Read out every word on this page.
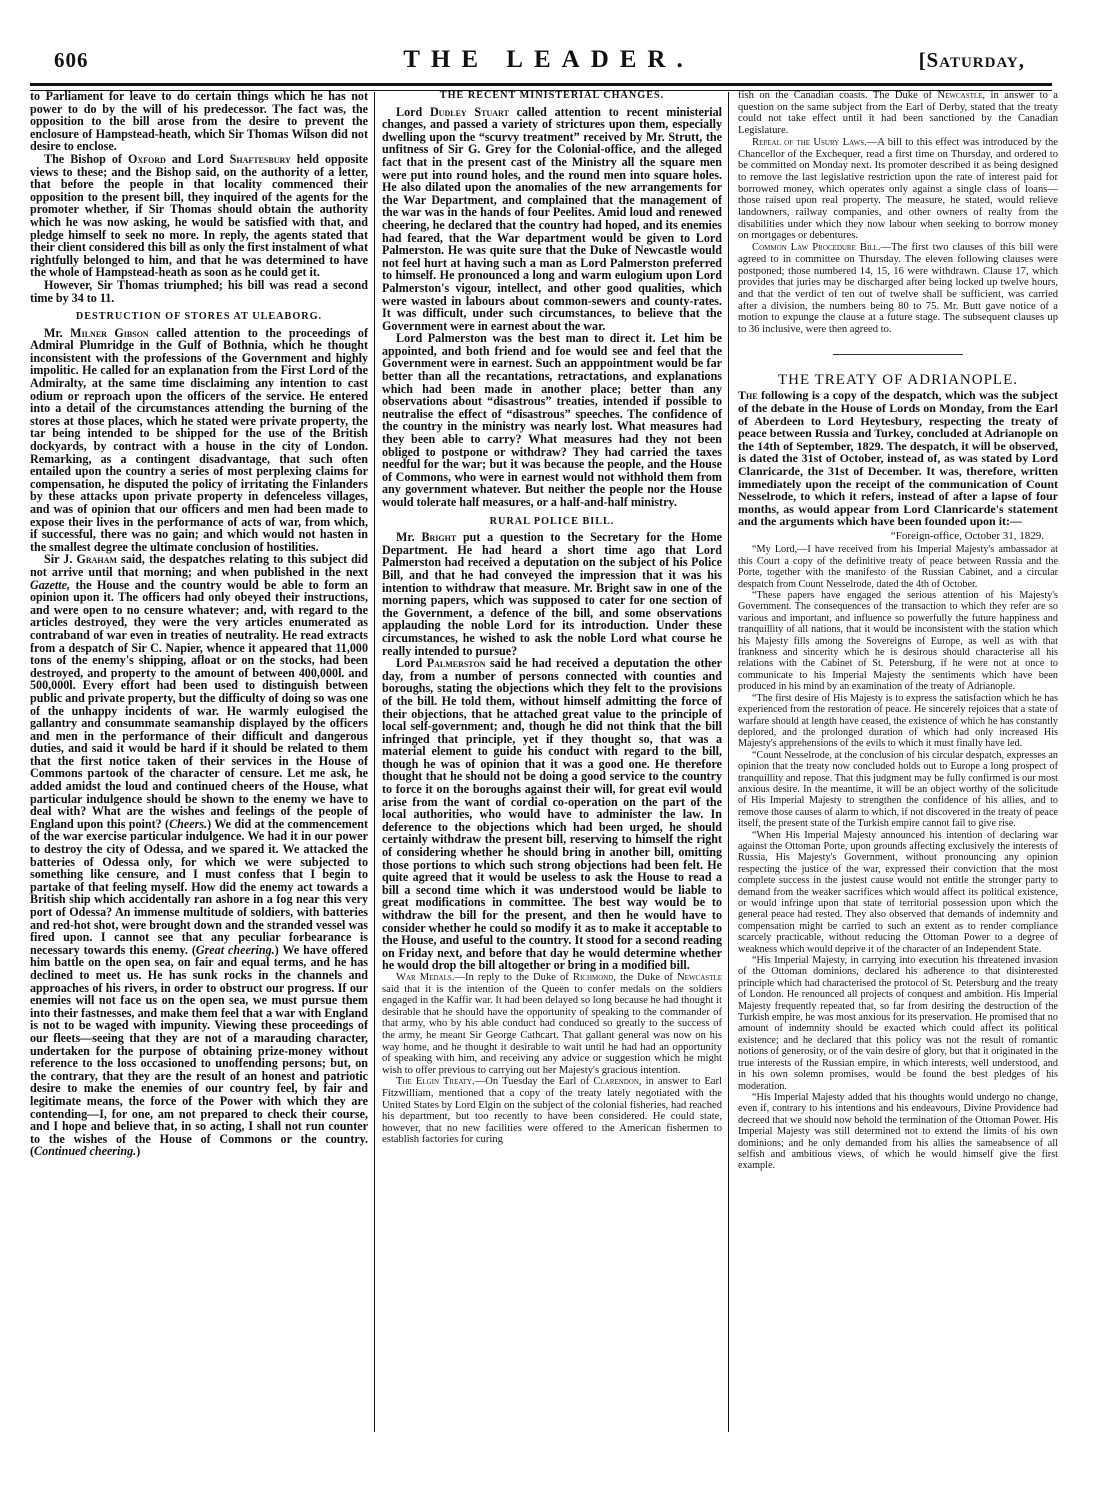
606	THE LEADER.	[Saturday,

to Parliament for leave to do certain things which he has not power to do by the will of his predecessor. The fact was, the opposition to the bill arose from the desire to prevent the enclosure of Hampstead-heath, which Sir Thomas Wilson did not desire to enclose.

The Bishop of Oxford and Lord Shaftesbury held opposite views to these; and the Bishop said, on the authority of a letter, that before the people in that locality commenced their opposition to the present bill, they inquired of the agents for the promoter whether, if Sir Thomas should obtain the authority which he was now asking, he would be satisfied with that, and pledge himself to seek no more. In reply, the agents stated that their client considered this bill as only the first instalment of what rightfully belonged to him, and that he was determined to have the whole of Hampstead-heath as soon as he could get it.

However, Sir Thomas triumphed; his bill was read a second time by 34 to 11.

DESTRUCTION OF STORES AT ULEABORG.

Mr. Milner Gibson called attention to the proceedings of Admiral Plumridge in the Gulf of Bothnia, which he thought inconsistent with the professions of the Government and highly impolitic. He called for an explanation from the First Lord of the Admiralty, at the same time disclaiming any intention to cast odium or reproach upon the officers of the service. He entered into a detail of the circumstances attending the burning of the stores at those places, which he stated were private property, the tar being intended to be shipped for the use of the British dockyards, by contract with a house in the city of London. Remarking, as a contingent disadvantage, that such often entailed upon the country a series of most perplexing claims for compensation, he disputed the policy of irritating the Finlanders by these attacks upon private property in defenceless villages, and was of opinion that our officers and men had been made to expose their lives in the performance of acts of war, from which, if successful, there was no gain; and which would not hasten in the smallest degree the ultimate conclusion of hostilities.

Sir J. Graham said, the despatches relating to this subject did not arrive until that morning; and when published in the next Gazette, the House and the country would be able to form an opinion upon it. The officers had only obeyed their instructions, and were open to no censure whatever; and, with regard to the articles destroyed, they were the very articles enumerated as contraband of war even in treaties of neutrality. He read extracts from a despatch of Sir C. Napier, whence it appeared that 11,000 tons of the enemy's shipping, afloat or on the stocks, had been destroyed, and property to the amount of between 400,000l. and 500,000l. Every effort had been used to distinguish between public and private property, but the difficulty of doing so was one of the unhappy incidents of war. He warmly eulogised the gallantry and consummate seamanship displayed by the officers and men in the performance of their difficult and dangerous duties, and said it would be hard if it should be related to them that the first notice taken of their services in the House of Commons partook of the character of censure. Let me ask, he added amidst the loud and continued cheers of the House, what particular indulgence should be shown to the enemy we have to deal with? What are the wishes and feelings of the people of England upon this point? (Cheers.) We did at the commencement of the war exercise particular indulgence. We had it in our power to destroy the city of Odessa, and we spared it. We attacked the batteries of Odessa only, for which we were subjected to something like censure, and I must confess that I begin to partake of that feeling myself. How did the enemy act towards a British ship which accidentally ran ashore in a fog near this very port of Odessa? An immense multitude of soldiers, with batteries and red-hot shot, were brought down and the stranded vessel was fired upon. I cannot see that any peculiar forbearance is necessary towards this enemy. (Great cheering.) We have offered him battle on the open sea, on fair and equal terms, and he has declined to meet us. He has sunk rocks in the channels and approaches of his rivers, in order to obstruct our progress. If our enemies will not face us on the open sea, we must pursue them into their fastnesses, and make them feel that a war with England is not to be waged with impunity. Viewing these proceedings of our fleets—seeing that they are not of a marauding character, undertaken for the purpose of obtaining prize-money without reference to the loss occasioned to unoffending persons; but, on the contrary, that they are the result of an honest and patriotic desire to make the enemies of our country feel, by fair and legitimate means, the force of the Power with which they are contending—I, for one, am not prepared to check their course, and I hope and believe that, in so acting, I shall not run counter to the wishes of the House of Commons or the country. (Continued cheering.)

THE RECENT MINISTERIAL CHANGES.

Lord Dudley Stuart called attention to recent ministerial changes, and passed a variety of strictures upon them, especially dwelling upon the “scurvy treatment” received by Mr. Strutt, the unfitness of Sir G. Grey for the Colonial-office, and the alleged fact that in the present cast of the Ministry all the square men were put into round holes, and the round men into square holes. He also dilated upon the anomalies of the new arrangements for the War Department, and complained that the management of the war was in the hands of four Peelites. Amid loud and renewed cheering, he declared that the country had hoped, and its enemies had feared, that the War department would be given to Lord Palmerston. He was quite sure that the Duke of Newcastle would not feel hurt at having such a man as Lord Palmerston preferred to himself. He pronounced a long and warm eulogium upon Lord Palmerston's vigour, intellect, and other good qualities, which were wasted in labours about common-sewers and county-rates. It was difficult, under such circumstances, to believe that the Government were in earnest about the war.

Lord Palmerston was the best man to direct it. Let him be appointed, and both friend and foe would see and feel that the Government were in earnest. Such an apppointment would be far better than all the recantations, retractations, and explanations which had been made in another place; better than any observations about “disastrous” treaties, intended if possible to neutralise the effect of “disastrous” speeches. The confidence of the country in the ministry was nearly lost. What measures had they been able to carry? What measures had they not been obliged to postpone or withdraw? They had carried the taxes needful for the war; but it was because the people, and the House of Commons, who were in earnest would not withhold them from any government whatever. But neither the people nor the House would tolerate half measures, or a half-and-half ministry.

RURAL POLICE BILL.

Mr. Bright put a question to the Secretary for the Home Department. He had heard a short time ago that Lord Palmerston had received a deputation on the subject of his Police Bill, and that he had conveyed the impression that it was his intention to withdraw that measure. Mr. Bright saw in one of the morning papers, which was supposed to cater for one section of the Government, a defence of the bill, and some observations applauding the noble Lord for its introduction. Under these circumstances, he wished to ask the noble Lord what course he really intended to pursue?

Lord Palmerston said he had received a deputation the other day, from a number of persons connected with counties and boroughs, stating the objections which they felt to the provisions of the bill. He told them, without himself admitting the force of their objections, that he attached great value to the principle of local self-government; and, though he did not think that the bill infringed that principle, yet if they thought so, that was a material element to guide his conduct with regard to the bill, though he was of opinion that it was a good one. He therefore thought that he should not be doing a good service to the country to force it on the boroughs against their will, for great evil would arise from the want of cordial co-operation on the part of the local authorities, who would have to administer the law. In deference to the objections which had been urged, he should certainly withdraw the present bill, reserving to himself the right of considering whether he should bring in another bill, omitting those portions to which such strong objections had been felt. He quite agreed that it would be useless to ask the House to read a bill a second time which it was understood would be liable to great modifications in committee. The best way would be to withdraw the bill for the present, and then he would have to consider whether he could so modify it as to make it acceptable to the House, and useful to the country. It stood for a second reading on Friday next, and before that day he would determine whether he would drop the bill altogether or bring in a modified bill.

War Medals.—In reply to the Duke of Richmond, the Duke of Newcastle said that it is the intention of the Queen to confer medals on the soldiers engaged in the Kaffir war. It had been delayed so long because he had thought it desirable that he should have the opportunity of speaking to the commander of that army, who by his able conduct had conduced so greatly to the success of the army, he meant Sir George Cathcart. That gallant general was now on his way home, and he thought it desirable to wait until he had had an opportunity of speaking with him, and receiving any advice or suggestion which he might wish to offer previous to carrying out her Majesty's gracious intention.

The Elgin Treaty.—On Tuesday the Earl of Clarendon, in answer to Earl Fitzwilliam, mentioned that a copy of the treaty lately negotiated with the United States by Lord Elgin on the subject of the colonial fisheries, had reached his department, but too recently to have been considered. He could state, however, that no new facilities were offered to the American fishermen to establish factories for curing

fish on the Canadian coasts. The Duke of Newcastle, in answer to a question on the same subject from the Earl of Derby, stated that the treaty could not take effect until it had been sanctioned by the Canadian Legislature.

Repeal of the Usury Laws.—A bill to this effect was introduced by the Chancellor of the Exchequer, read a first time on Thursday, and ordered to be committed on Monday next. Its promoter described it as being designed to remove the last legislative restriction upon the rate of interest paid for borrowed money, which operates only against a single class of loans—those raised upon real property. The measure, he stated, would relieve landowners, railway companies, and other owners of realty from the disabilities under which they now labour when seeking to borrow money on mortgages or debentures.

Common Law Procedure Bill.—The first two clauses of this bill were agreed to in committee on Thursday. The eleven following clauses were postponed; those numbered 14, 15, 16 were withdrawn. Clause 17, which provides that juries may be discharged after being locked up twelve hours, and that the verdict of ten out of twelve shall be sufficient, was carried after a division, the numbers being 80 to 75. Mr. Butt gave notice of a motion to expunge the clause at a future stage. The subsequent clauses up to 36 inclusive, were then agreed to.

THE TREATY OF ADRIANOPLE.

The following is a copy of the despatch, which was the subject of the debate in the House of Lords on Monday, from the Earl of Aberdeen to Lord Heytesbury, respecting the treaty of peace between Russia and Turkey, concluded at Adrianople on the 14th of September, 1829. The despatch, it will be observed, is dated the 31st of October, instead of, as was stated by Lord Clanricarde, the 31st of December. It was, therefore, written immediately upon the receipt of the communication of Count Nesselrode, to which it refers, instead of after a lapse of four months, as would appear from Lord Clanricarde's statement and the arguments which have been founded upon it:—

“Foreign-office, October 31, 1829.

“My Lord,—I have received from his Imperial Majesty's ambassador at this Court a copy of the definitive treaty of peace between Russia and the Porte, together with the manifesto of the Russian Cabinet, and a circular despatch from Count Nesselrode, dated the 4th of October.

“These papers have engaged the serious attention of his Majesty's Government. The consequences of the transaction to which they refer are so various and important, and influence so powerfully the future happiness and tranquillity of all nations, that it would be inconsistent with the station which his Majesty fills among the Sovereigns of Europe, as well as with that frankness and sincerity which he is desirous should characterise all his relations with the Cabinet of St. Petersburg, if he were not at once to communicate to his Imperial Majesty the sentiments which have been produced in his mind by an examination of the treaty of Adrianople.

“The first desire of His Majesty is to express the satisfaction which he has experienced from the restoration of peace. He sincerely rejoices that a state of warfare should at length have ceased, the existence of which he has constantly deplored, and the prolonged duration of which had only increased His Majesty's apprehensions of the evils to which it must finally have led.

“Count Nesselrode, at the conclusion of his circular despatch, expresses an opinion that the treaty now concluded holds out to Europe a long prospect of tranquillity and repose. That this judgment may be fully confirmed is our most anxious desire. In the meantime, it will be an object worthy of the solicitude of His Imperial Majesty to strengthen the confidence of his allies, and to remove those causes of alarm to which, if not discovered in the treaty of peace itself, the present state of the Turkish empire cannot fail to give rise.

“When His Imperial Majesty announced his intention of declaring war against the Ottoman Porte, upon grounds affecting exclusively the interests of Russia, His Majesty's Government, without pronouncing any opinion respecting the justice of the war, expressed their conviction that the most complete success in the justest cause would not entitle the stronger party to demand from the weaker sacrifices which would affect its political existence, or would infringe upon that state of territorial possession upon which the general peace had rested. They also observed that demands of indemnity and compensation might be carried to such an extent as to render compliance scarcely practicable, without reducing the Ottoman Power to a degree of weakness which would deprive it of the character of an Independent State.

“His Imperial Majesty, in carrying into execution his threatened invasion of the Ottoman dominions, declared his adherence to that disinterested principle which had characterised the protocol of St. Petersburg and the treaty of London. He renounced all projects of conquest and ambition. His Imperial Majesty frequently repeated that, so far from desiring the destruction of the Turkish empire, he was most anxious for its preservation. He promised that no amount of indemnity should be exacted which could affect its political existence; and he declared that this policy was not the result of romantic notions of generosity, or of the vain desire of glory, but that it originated in the true interests of the Russian empire, in which interests, well understood, and in his own solemn promises, would be found the best pledges of his moderation.

“His Imperial Majesty added that his thoughts would undergo no change, even if, contrary to his intentions and his endeavours, Divine Providence had decreed that we should now behold the termination of the Ottoman Power. His Imperial Majesty was still determined not to extend the limits of his own dominions; and he only demanded from his allies the sameabsence of all selfish and ambitious views, of which he would himself give the first example.
